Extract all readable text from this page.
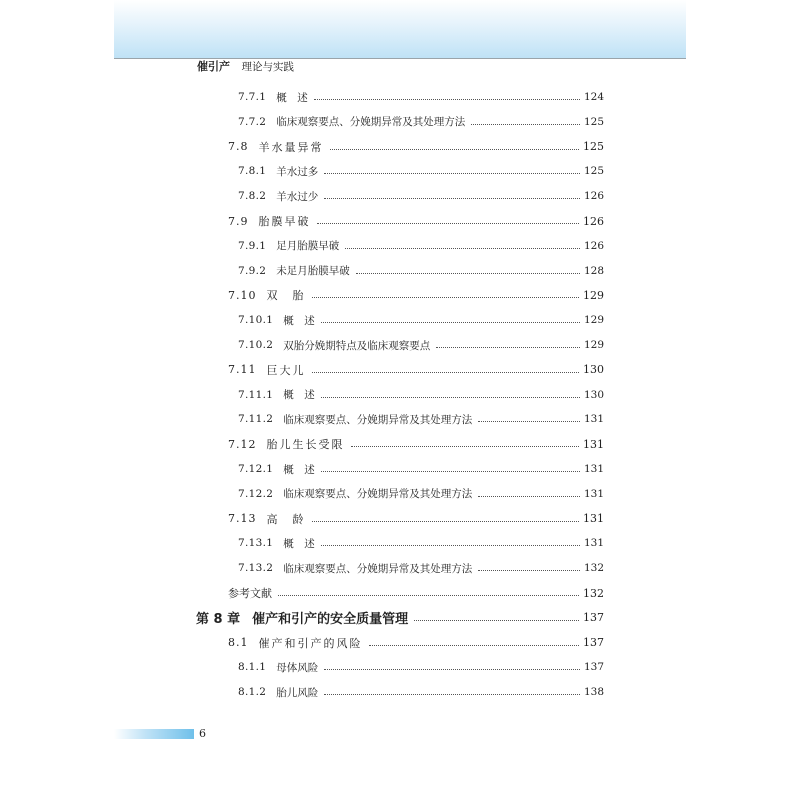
催引产 理论与实践
7.7.1 概　述	124
7.7.2 临床观察要点、分娩期异常及其处理方法	125
7.8 羊水量异常	125
7.8.1 羊水过多	125
7.8.2 羊水过少	126
7.9 胎膜早破	126
7.9.1 足月胎膜早破	126
7.9.2 未足月胎膜早破	128
7.10 双　胎	129
7.10.1 概　述	129
7.10.2 双胎分娩期特点及临床观察要点	129
7.11 巨大儿	130
7.11.1 概　述	130
7.11.2 临床观察要点、分娩期异常及其处理方法	131
7.12 胎儿生长受限	131
7.12.1 概　述	131
7.12.2 临床观察要点、分娩期异常及其处理方法	131
7.13 高　龄	131
7.13.1 概　述	131
7.13.2 临床观察要点、分娩期异常及其处理方法	132
参考文献	132
第 8 章 催产和引产的安全质量管理	137
8.1 催产和引产的风险	137
8.1.1 母体风险	137
8.1.2 胎儿风险	138
6
